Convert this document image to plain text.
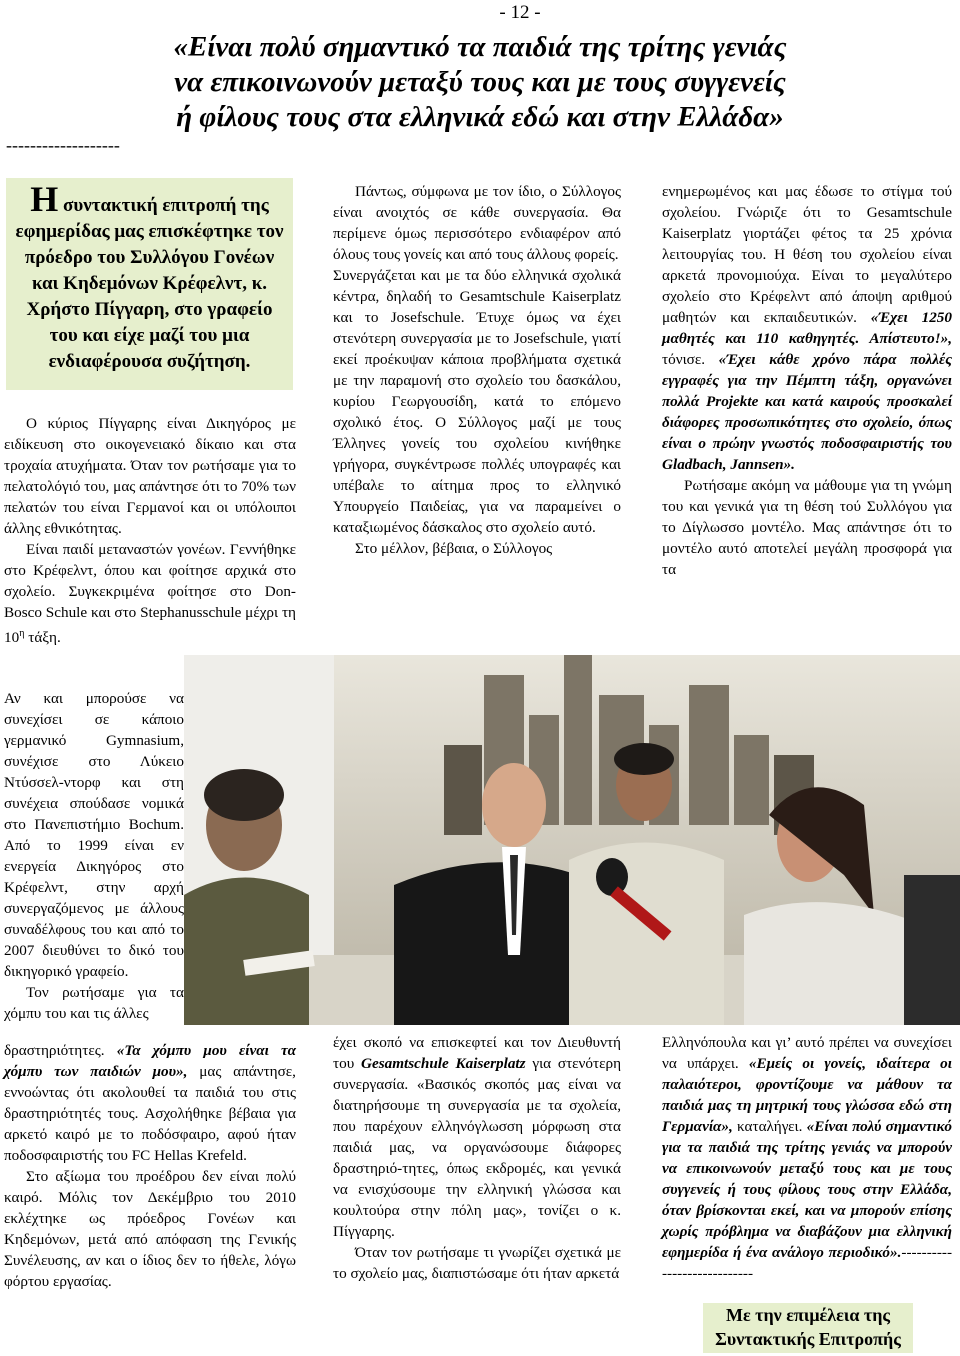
- 12 -
«Είναι πολύ σημαντικό τα παιδιά της τρίτης γενιάς
να επικοινωνούν μεταξύ τους και με τους συγγενείς
ή φίλους τους στα ελληνικά εδώ και στην Ελλάδα»
-------------------
Η συντακτική επιτροπή της εφημερίδας μας επισκέφτηκε τον πρόεδρο του Συλλόγου Γονέων και Κηδεμόνων Κρέφελντ, κ. Χρήστο Πίγγαρη, στο γραφείο του και είχε μαζί του μια ενδιαφέρουσα συζήτηση.

Ο κύριος Πίγγαρης είναι Δικηγόρος με ειδίκευση στο οικογενειακό δίκαιο και στα τροχαία ατυχήματα. Όταν τον ρωτήσαμε για το πελατολόγιό του, μας απάντησε ότι το 70% των πελατών του είναι Γερμανοί και οι υπόλοιποι άλλης εθνικότητας.

Είναι παιδί μεταναστών γονέων. Γεννήθηκε στο Κρέφελντ, όπου και φοίτησε αρχικά στο σχολείο. Συγκεκριμένα φοίτησε στο Don-Bosco Schule και στο Stephanusschule μέχρι τη $10^\eta$ τάξη.

Αν και μπορούσε να συνεχίσει σε κάποιο γερμανικό Gymnasium, συνέχισε στο Λύκειο Ντύσσελ-ντορφ και στη συνέχεια σπούδασε νομικά στο Πανεπιστήμιο Bochum. Από το 1999 είναι εν ενεργεία Δικηγόρος στο Κρέφελντ, στην αρχή συνεργαζόμενος με άλλους συναδέλφους του και από το 2007 διευθύνει το δικό του δικηγορικό γραφείο.

Τον ρωτήσαμε για τα χόμπυ του και τις άλλες

δραστηριότητες. «Τα χόμπυ μου είναι τα χόμπυ των παιδιών μου», μας απάντησε, εννοώντας ότι ακολουθεί τα παιδιά του στις δραστηριότητές τους. Ασχολήθηκε βέβαια για αρκετό καιρό με το ποδόσφαιρο, αφού ήταν ποδοσφαιριστής του FC Hellas Krefeld.

Στο αξίωμα του προέδρου δεν είναι πολύ καιρό. Μόλις τον Δεκέμβριο του 2010 εκλέχτηκε ως πρόεδρος Γονέων και Κηδεμόνων, μετά από απόφαση της Γενικής Συνέλευσης, αν και ο ίδιος δεν το ήθελε, λόγω φόρτου εργασίας.

Πάντως, σύμφωνα με τον ίδιο, ο Σύλλογος είναι ανοιχτός σε κάθε συνεργασία. Θα περίμενε όμως περισσότερο ενδιαφέρον από όλους τους γονείς και από τους άλλους φορείς.

Συνεργάζεται και με τα δύο ελληνικά σχολικά κέντρα, δηλαδή το Gesamtschule Kaiserplatz και το Josefschule. Έτυχε όμως να έχει στενότερη συνεργασία με το Josefschule, γιατί εκεί προέκυψαν κάποια προβλήματα σχετικά με την παραμονή στο σχολείο του δασκάλου, κυρίου Γεωργουσίδη, κατά το επόμενο σχολικό έτος. Ο Σύλλογος μαζί με τους Έλληνες γονείς του σχολείου κινήθηκε γρήγορα, συγκέντρωσε πολλές υπογραφές και υπέβαλε το αίτημα προς το ελληνικό Υπουργείο Παιδείας, για να παραμείνει ο καταξιωμένος δάσκαλος στο σχολείο αυτό.

Στο μέλλον, βέβαια, ο Σύλλογος

έχει σκοπό να επισκεφτεί και τον Διευθυντή του Gesamtschule Kaiserplatz για στενότερη συνεργασία. «Βασικός σκοπός μας είναι να διατηρήσουμε τη συνεργασία με τα σχολεία, που παρέχουν ελληνόγλωσση μόρφωση στα παιδιά μας, να οργανώσουμε διάφορες δραστηριό-τητες, όπως εκδρομές, και γενικά να ενισχύσουμε την ελληνική γλώσσα και κουλτούρα στην πόλη μας», τονίζει ο κ. Πίγγαρης.

Όταν τον ρωτήσαμε τι γνωρίζει σχετικά με το σχολείο μας, διαπιστώσαμε ότι ήταν αρκετά

ενημερωμένος και μας έδωσε το στίγμα τού σχολείου. Γνώριζε ότι το Gesamtschule Kaiserplatz γιορτάζει φέτος τα 25 χρόνια λειτουργίας του. Η θέση του σχολείου είναι αρκετά προνομιούχα. Είναι το μεγαλύτερο σχολείο στο Κρέφελντ από άποψη αριθμού μαθητών και εκπαιδευτικών. «Έχει 1250 μαθητές και 110 καθηγητές. Απίστευτο!», τόνισε. «Έχει κάθε χρόνο πάρα πολλές εγγραφές για την Πέμπτη τάξη, οργανώνει πολλά Projekte και κατά καιρούς προσκαλεί διάφορες προσωπικότητες στο σχολείο, όπως είναι ο πρώην γνωστός ποδοσφαιριστής του Gladbach, Jannsen».

Ρωτήσαμε ακόμη να μάθουμε για τη γνώμη του και γενικά για τη θέση τού Συλλόγου για το Δίγλωσσο μοντέλο. Μας απάντησε ότι το μοντέλο αυτό αποτελεί μεγάλη προσφορά για τα

Ελληνόπουλα και γι’ αυτό πρέπει να συνεχίσει να υπάρχει. «Εμείς οι γονείς, ιδαίτερα οι παλαιότεροι, φροντίζουμε να μάθουν τα παιδιά μας τη μητρική τους γλώσσα εδώ στη Γερμανία», καταλήγει. «Είναι πολύ σημαντικό για τα παιδιά της τρίτης γενιάς να μπορούν να επικοινωνούν μεταξύ τους και με τους συγγενείς ή τους φίλους τους στην Ελλάδα, όταν βρίσκονται εκεί, και να μπορούν επίσης χωρίς πρόβλημα να διαβάζουν μια ελληνική εφημερίδα ή ένα ανάλογο περιοδικό».----------------------------

Με την επιμέλεια της
Συντακτικής Επιτροπής
